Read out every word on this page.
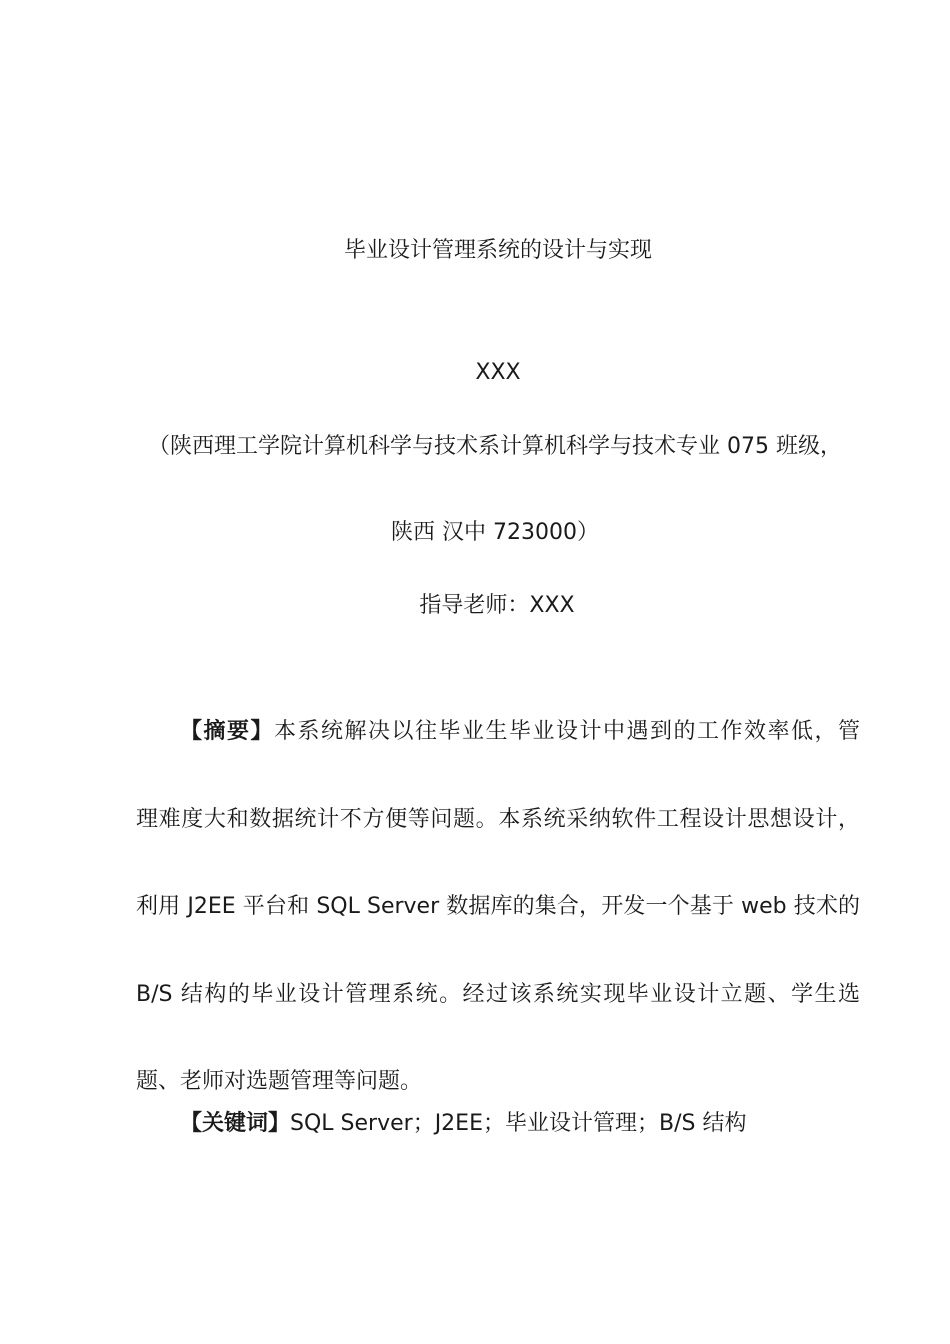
毕业设计管理系统的设计与实现
XXX
（陕西理工学院计算机科学与技术系计算机科学与技术专业 075 班级，
陕西 汉中 723000）
指导老师：XXX
【摘要】本系统解决以往毕业生毕业设计中遇到的工作效率低，管
理难度大和数据统计不方便等问题。本系统采纳软件工程设计思想设计，
利用 J2EE 平台和 SQL Server 数据库的集合，开发一个基于 web 技术的
B/S 结构的毕业设计管理系统。经过该系统实现毕业设计立题、学生选
题、老师对选题管理等问题。
【关键词】SQL Server；J2EE；毕业设计管理；B/S 结构
